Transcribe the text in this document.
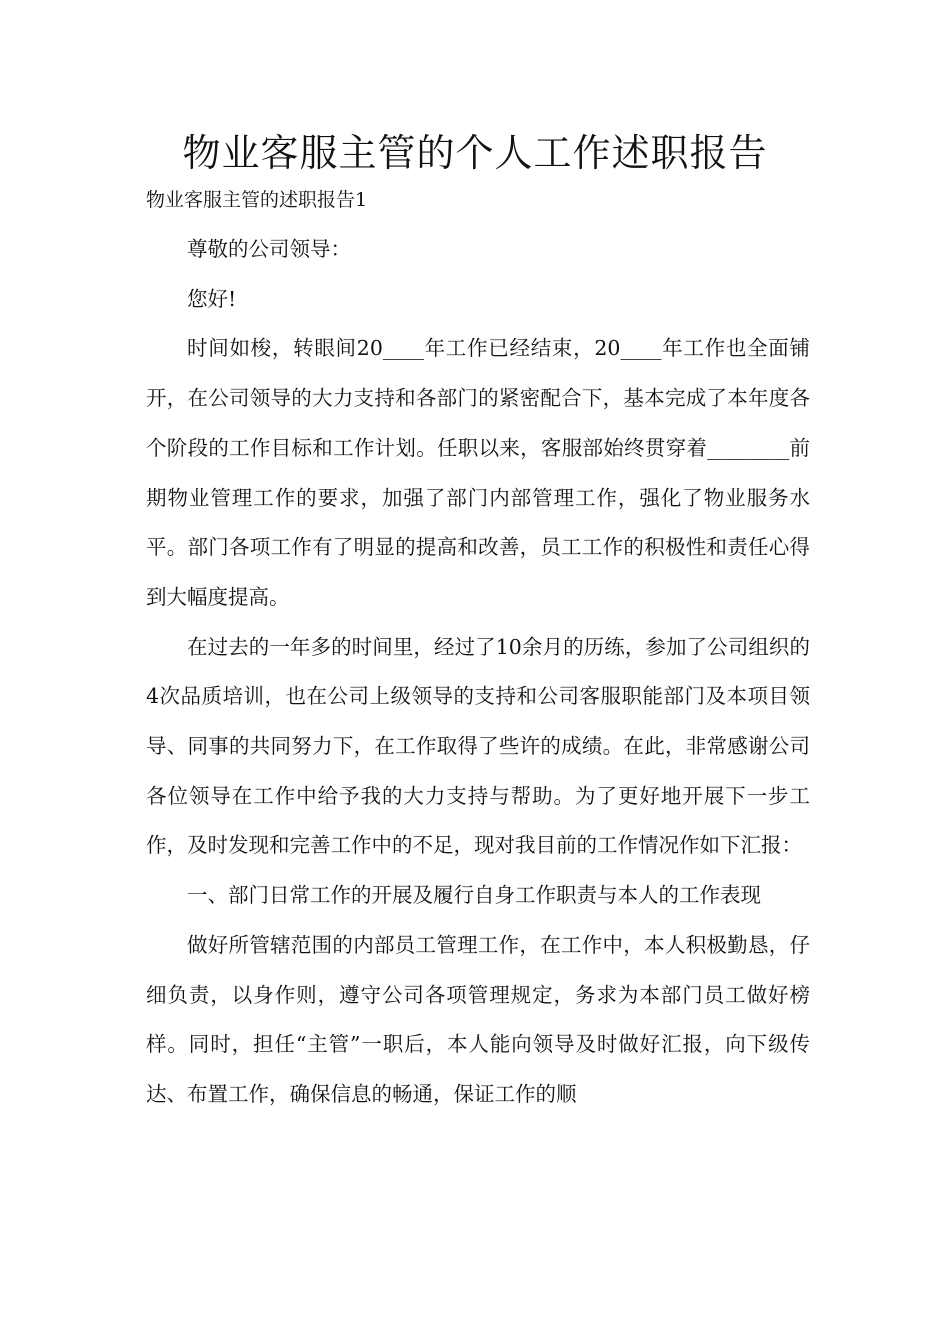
物业客服主管的个人工作述职报告
物业客服主管的述职报告1

尊敬的公司领导：

您好!

时间如梭，转眼间20____年工作已经结束，20____年工作也全面铺开，在公司领导的大力支持和各部门的紧密配合下，基本完成了本年度各个阶段的工作目标和工作计划。任职以来，客服部始终贯穿着________前期物业管理工作的要求，加强了部门内部管理工作，强化了物业服务水平。部门各项工作有了明显的提高和改善，员工工作的积极性和责任心得到大幅度提高。

在过去的一年多的时间里，经过了10余月的历练，参加了公司组织的4次品质培训，也在公司上级领导的支持和公司客服职能部门及本项目领导、同事的共同努力下，在工作取得了些许的成绩。在此，非常感谢公司各位领导在工作中给予我的大力支持与帮助。为了更好地开展下一步工作，及时发现和完善工作中的不足，现对我目前的工作情况作如下汇报：

一、部门日常工作的开展及履行自身工作职责与本人的工作表现

做好所管辖范围的内部员工管理工作，在工作中，本人积极勤恳，仔细负责，以身作则，遵守公司各项管理规定，务求为本部门员工做好榜样。同时，担任“主管”一职后，本人能向领导及时做好汇报，向下级传达、布置工作，确保信息的畅通，保证工作的顺
